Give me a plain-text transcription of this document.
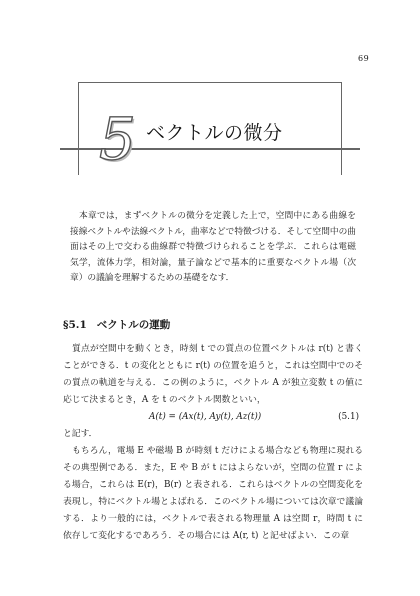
69
5 ベクトルの微分
本章では，まずベクトルの微分を定義した上で，空間中にある曲線を接線ベクトルや法線ベクトル，曲率などで特徴づける．そして空間中の曲面はその上で交わる曲線群で特徴づけられることを学ぶ．これらは電磁気学，流体力学，相対論，量子論などで基本的に重要なベクトル場（次章）の議論を理解するための基礎をなす．
§5.1 ベクトルの運動

質点が空間中を動くとき，時刻 t での質点の位置ベクトルは r(t) と書くことができる．t の変化とともに r(t) の位置を追うと，これは空間中でのその質点の軌道を与える．この例のように，ベクトル A が独立変数 t の値に応じて決まるとき，A を t のベクトル関数といい，

A(t) = (Ax(t), Ay(t), Az(t))	(5.1)

と記す．

もちろん，電場 E や磁場 B が時刻 t だけによる場合なども物理に現れるその典型例である．また，E や B が t にはよらないが，空間の位置 r による場合，これらは E(r)，B(r) と表される．これらはベクトルの空間変化を表現し，特にベクトル場とよばれる．このベクトル場については次章で議論する．より一般的には，ベクトルで表される物理量 A は空間 r，時間 t に依存して変化するであろう．その場合には A(r, t) と記せばよい．この章
